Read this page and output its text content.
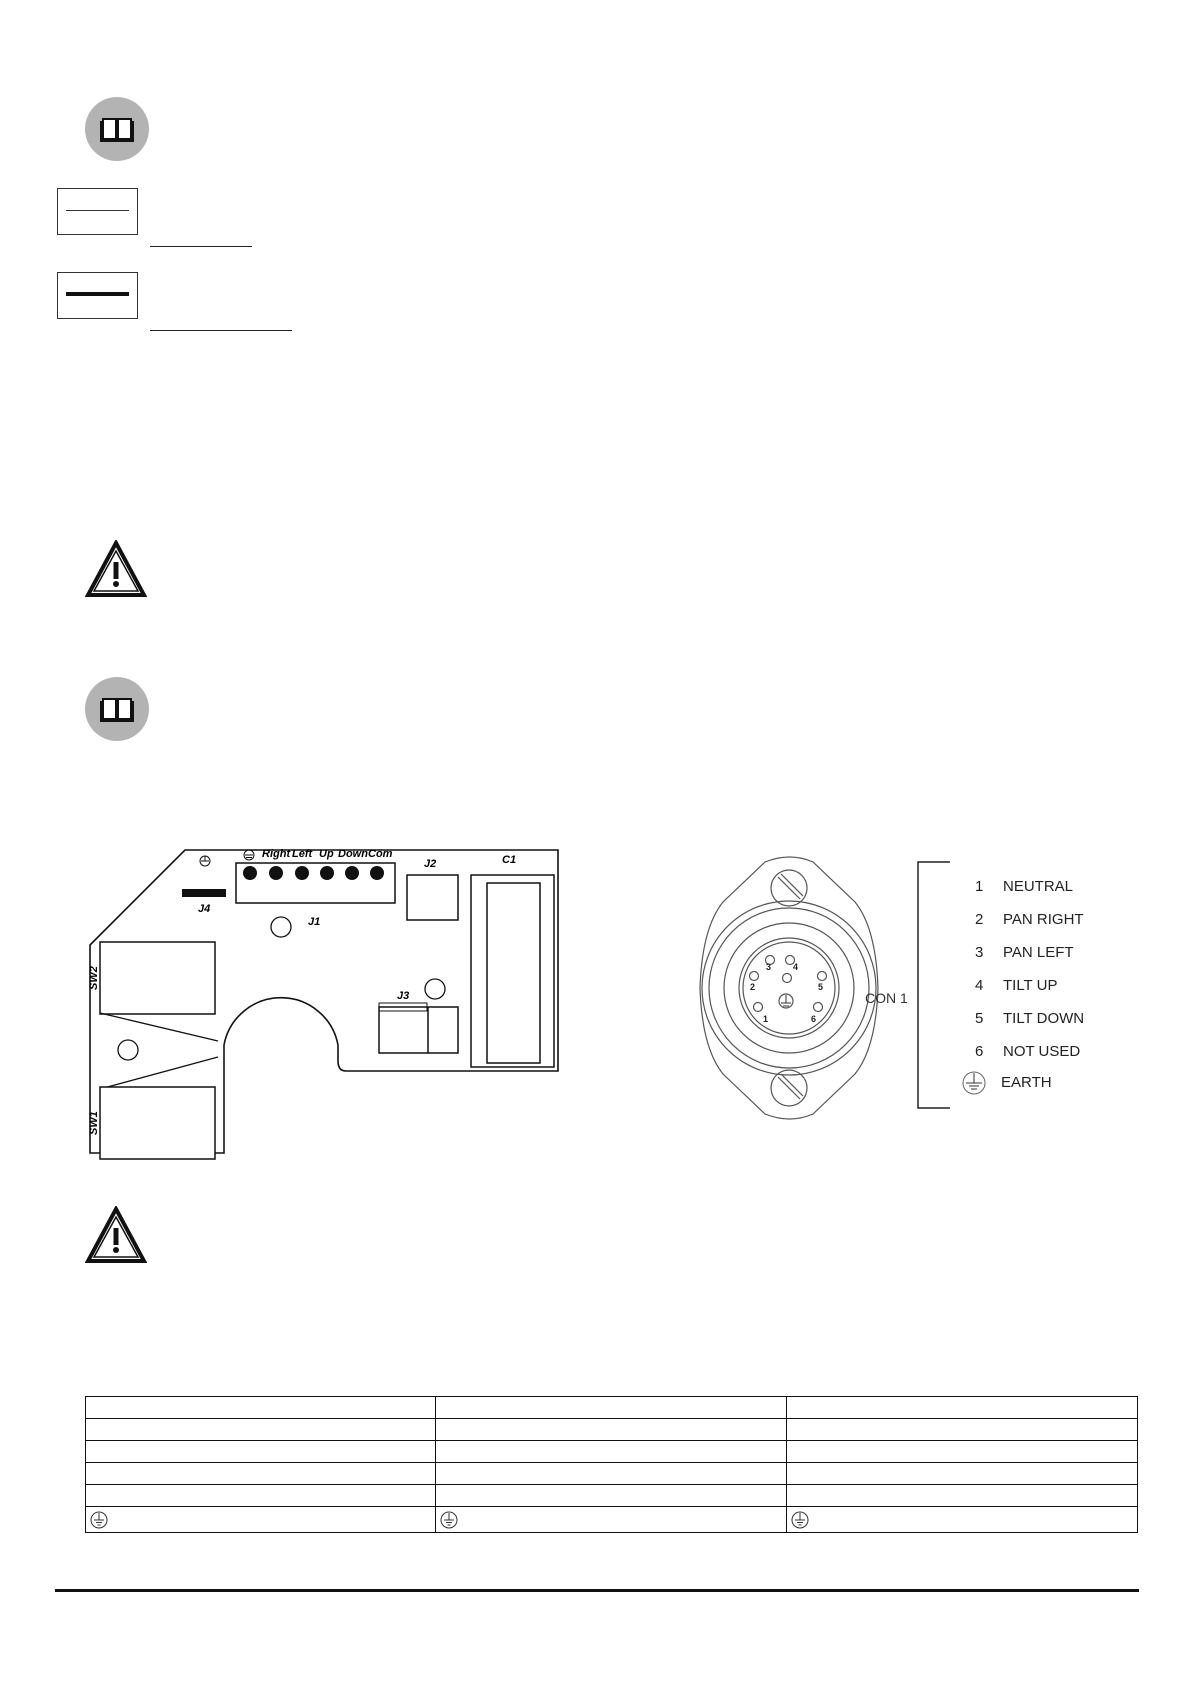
Right Left Up Down Com
J4
J1
J2	C1
J3
SW2
SW1
3 4
2	5
1	6
CON 1
1 NEUTRAL
2 PAN RIGHT
3 PAN LEFT
4 TILT UP
5 TILT DOWN
6 NOT USED
EARTH
